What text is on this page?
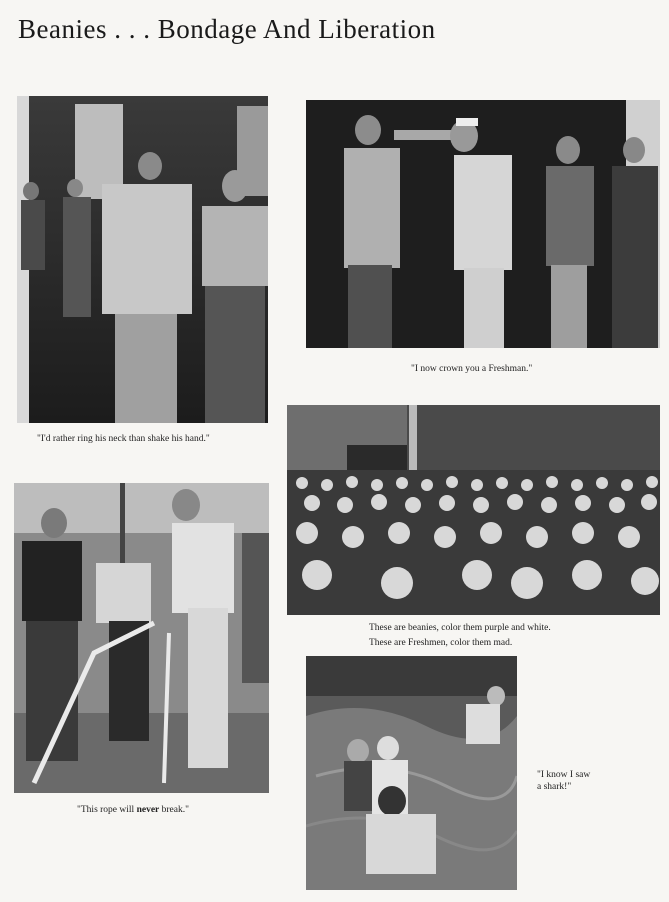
Beanies . . . Bondage And Liberation
"I'd rather ring his neck than shake his hand."
"I now crown you a Freshman."
These are beanies, color them purple and white.
These are Freshmen, color them mad.
"This rope will never break."
"I know I saw
a shark!"
